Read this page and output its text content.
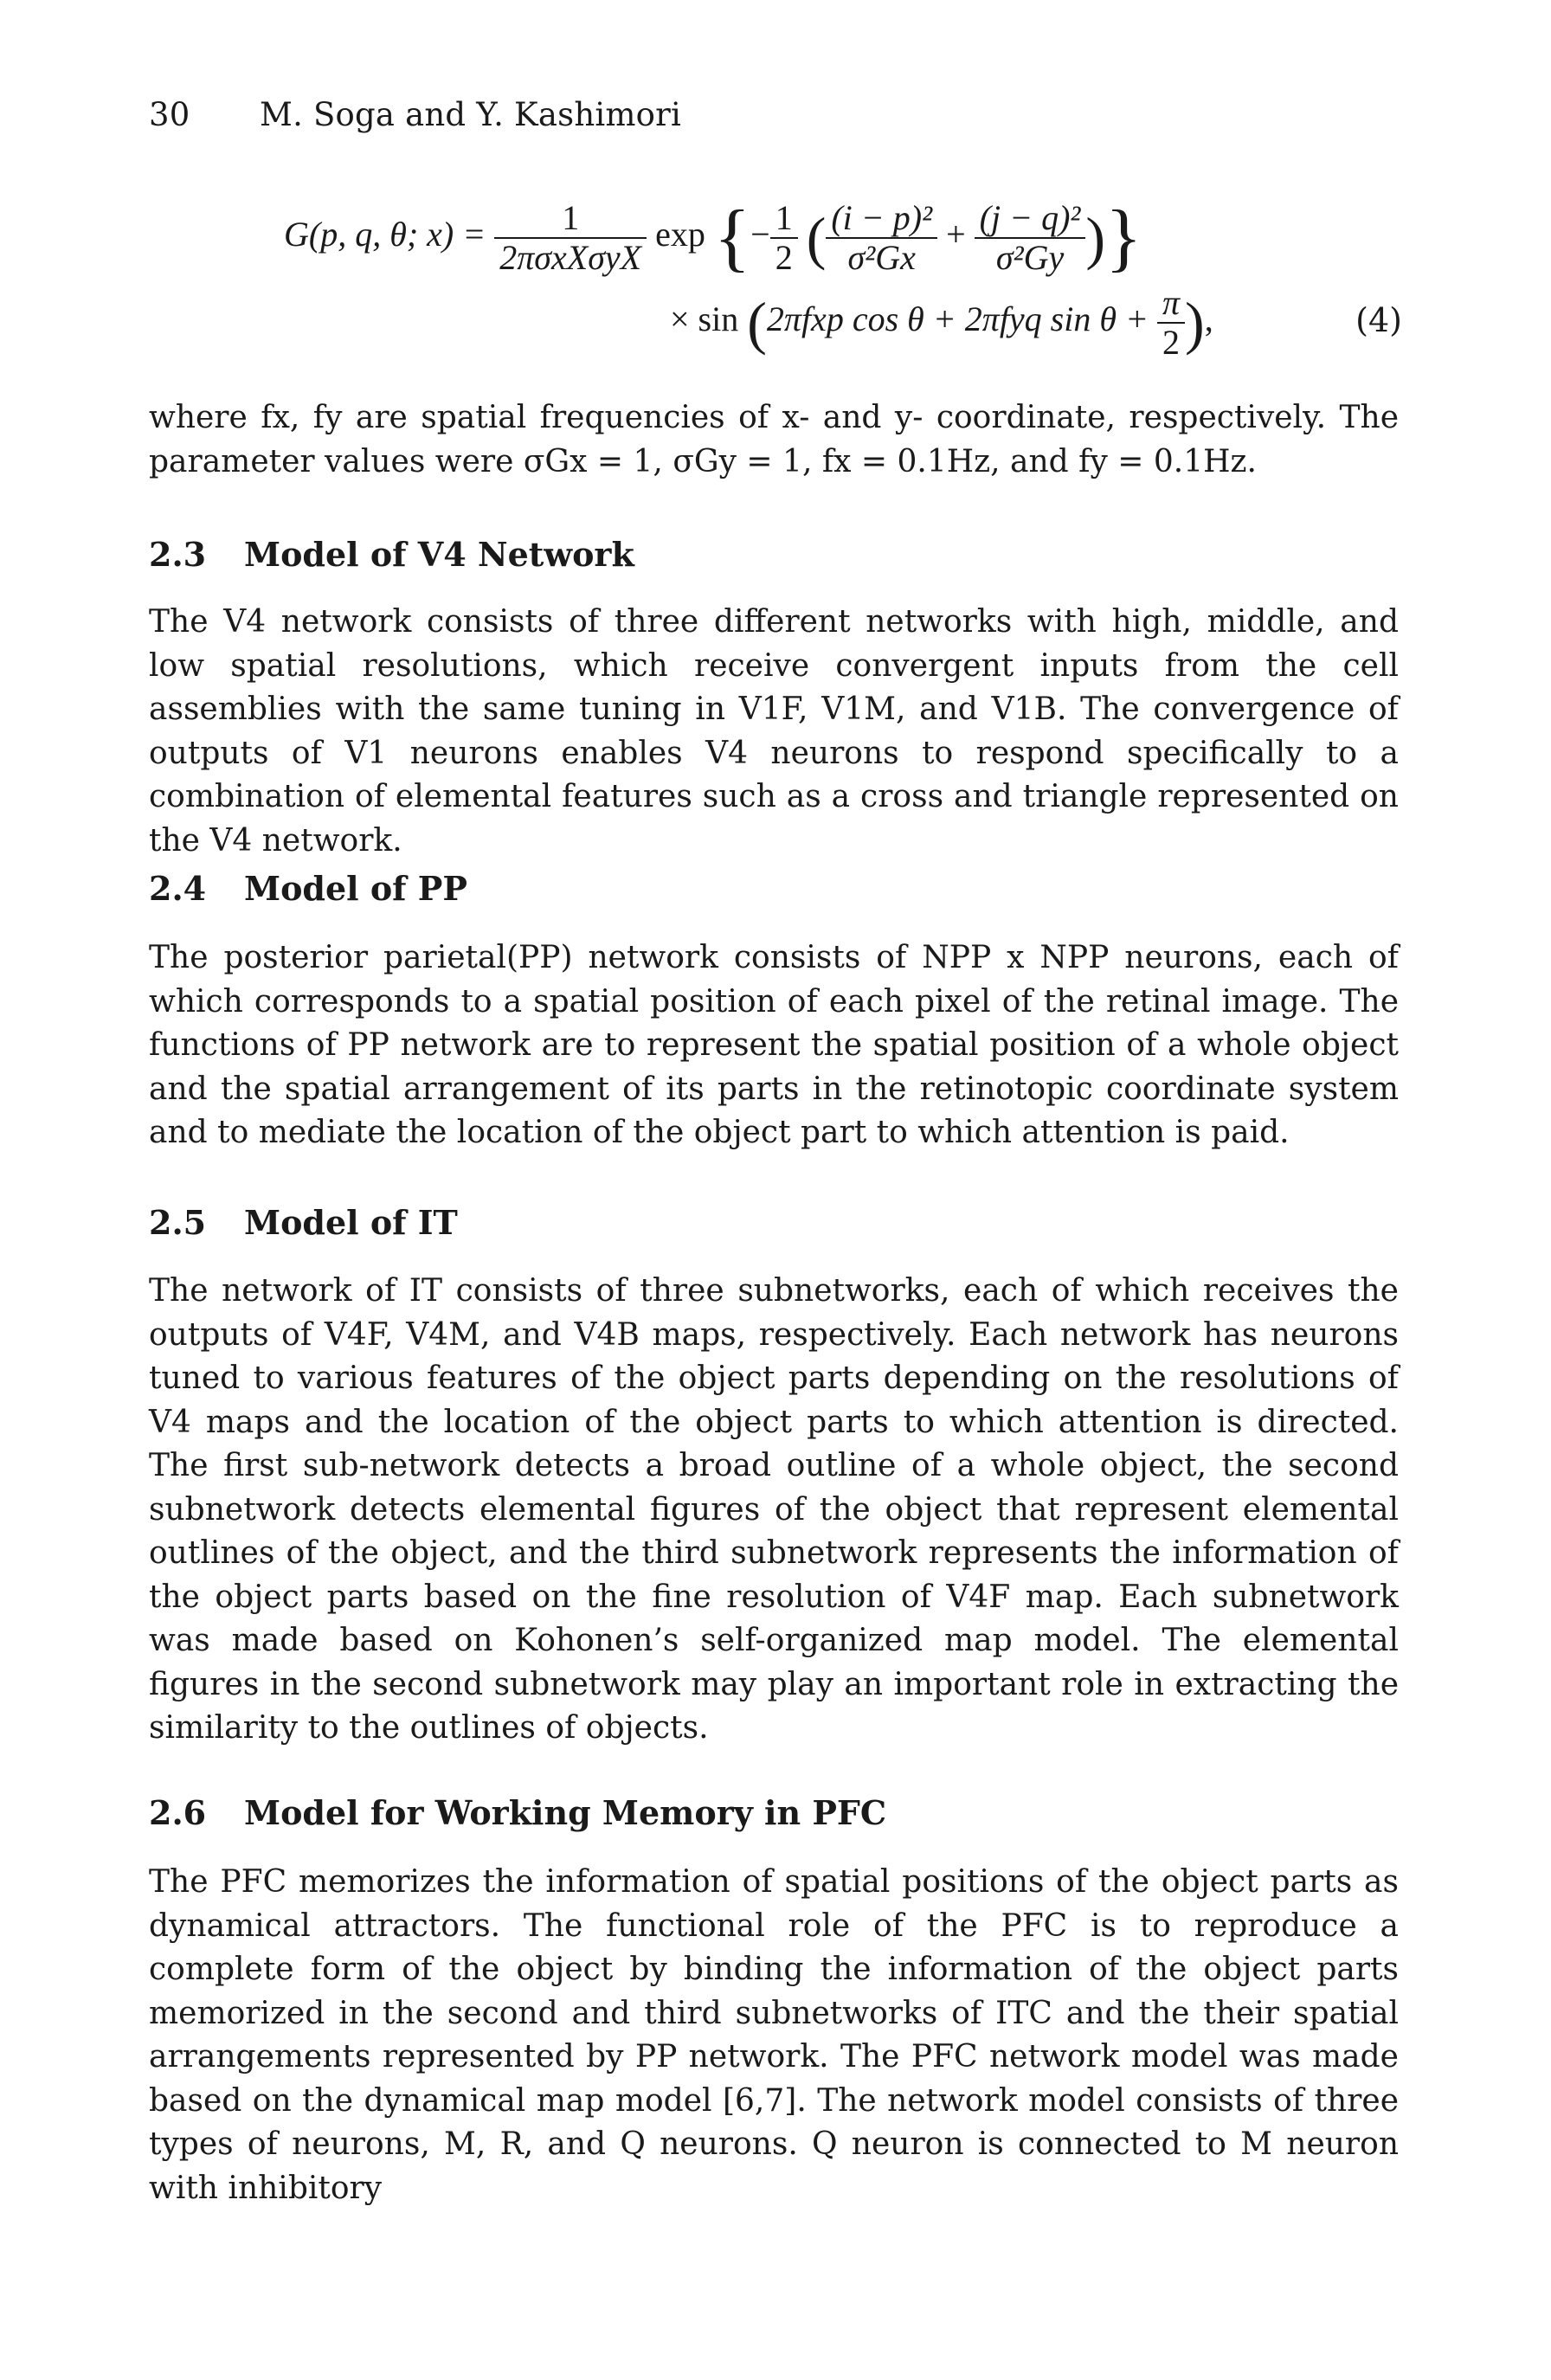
30 M. Soga and Y. Kashimori
G(p, q, θ; $x) = \frac{1}{\text{2πσxXσyX}}$ exp {− $\frac{1}{2}$ ( $\frac{\text{(i − p)²}}{\text{σ²Gx}} + \frac{\text{(j − q)²}}{\text{σ²Gy}}$ )}
× sin (2πfxp cos θ + 2πfyq $\sin \theta + \frac{\pi}{2}$ ),	(4)

where fx, fy are spatial frequencies of x- and y- coordinate, respectively. The parameter values were σGx = 1, σGy = 1, fx = 0.1Hz, and fy = 0.1Hz.

2.3 Model of V4 Network

The V4 network consists of three different networks with high, middle, and low spatial resolutions, which receive convergent inputs from the cell assemblies with the same tuning in V1F, V1M, and V1B. The convergence of outputs of V1 neurons enables V4 neurons to respond specifically to a combination of elemental features such as a cross and triangle represented on the V4 network.

2.4 Model of PP

The posterior parietal(PP) network consists of NPP x NPP neurons, each of which corresponds to a spatial position of each pixel of the retinal image. The functions of PP network are to represent the spatial position of a whole object and the spatial arrangement of its parts in the retinotopic coordinate system and to mediate the location of the object part to which attention is paid.

2.5 Model of IT

The network of IT consists of three subnetworks, each of which receives the outputs of V4F, V4M, and V4B maps, respectively. Each network has neurons tuned to various features of the object parts depending on the resolutions of V4 maps and the location of the object parts to which attention is directed. The first sub-network detects a broad outline of a whole object, the second subnetwork detects elemental figures of the object that represent elemental outlines of the object, and the third subnetwork represents the information of the object parts based on the fine resolution of V4F map. Each subnetwork was made based on Kohonen’s self-organized map model. The elemental figures in the second subnetwork may play an important role in extracting the similarity to the outlines of objects.

2.6 Model for Working Memory in PFC

The PFC memorizes the information of spatial positions of the object parts as dynamical attractors. The functional role of the PFC is to reproduce a complete form of the object by binding the information of the object parts memorized in the second and third subnetworks of ITC and the their spatial arrangements represented by PP network. The PFC network model was made based on the dynamical map model [6,7]. The network model consists of three types of neurons, M, R, and Q neurons. Q neuron is connected to M neuron with inhibitory
